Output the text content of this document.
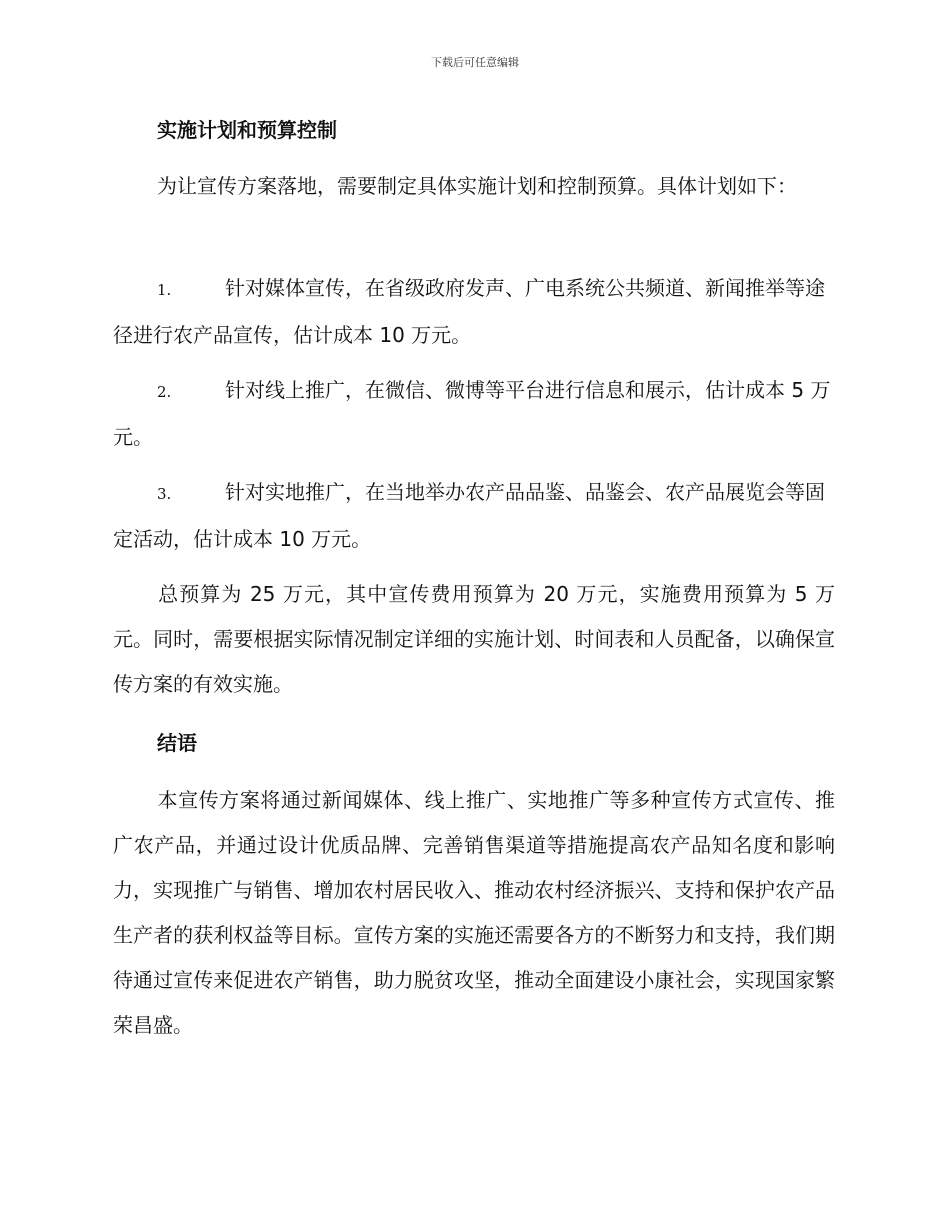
下载后可任意编辑
实施计划和预算控制
为让宣传方案落地，需要制定具体实施计划和控制预算。具体计划如下：
1.	针对媒体宣传，在省级政府发声、广电系统公共频道、新闻推举等途径进行农产品宣传，估计成本 10 万元。
2.	针对线上推广，在微信、微博等平台进行信息和展示，估计成本 5 万元。
3.	针对实地推广，在当地举办农产品品鉴、品鉴会、农产品展览会等固定活动，估计成本 10 万元。
总预算为 25 万元，其中宣传费用预算为 20 万元，实施费用预算为 5 万元。同时，需要根据实际情况制定详细的实施计划、时间表和人员配备，以确保宣传方案的有效实施。
结语
本宣传方案将通过新闻媒体、线上推广、实地推广等多种宣传方式宣传、推广农产品，并通过设计优质品牌、完善销售渠道等措施提高农产品知名度和影响力，实现推广与销售、增加农村居民收入、推动农村经济振兴、支持和保护农产品生产者的获利权益等目标。宣传方案的实施还需要各方的不断努力和支持，我们期待通过宣传来促进农产销售，助力脱贫攻坚，推动全面建设小康社会，实现国家繁荣昌盛。
